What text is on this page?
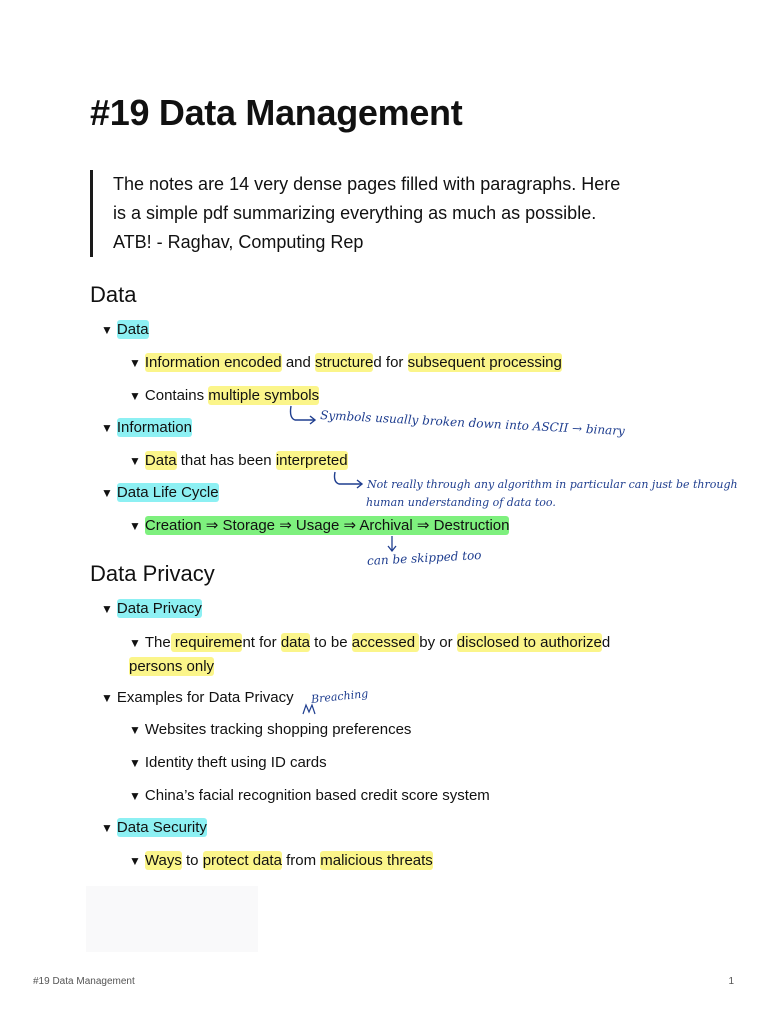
#19 Data Management
The notes are 14 very dense pages filled with paragraphs. Here
is a simple pdf summarizing everything as much as possible.
ATB! - Raghav, Computing Rep
Data
▼ Data
▼ Information encoded and structured for subsequent processing
▼ Contains multiple symbols
▼ Information
▼ Data that has been interpreted
▼ Data Life Cycle
▼ Creation ⇒ Storage ⇒ Usage ⇒ Archival ⇒ Destruction
Data Privacy
▼ Data Privacy
▼ The requirement for data to be accessed by or disclosed to authorized
persons only
▼ Examples for Data Privacy
▼ Websites tracking shopping preferences
▼ Identity theft using ID cards
▼ China’s facial recognition based credit score system
▼ Data Security
▼ Ways to protect data from malicious threats
Symbols usually broken down into ASCII → binary
Not really through any algorithm in particular can just be through
human understanding of data too.
can be skipped too
Breaching
#19 Data Management	1
